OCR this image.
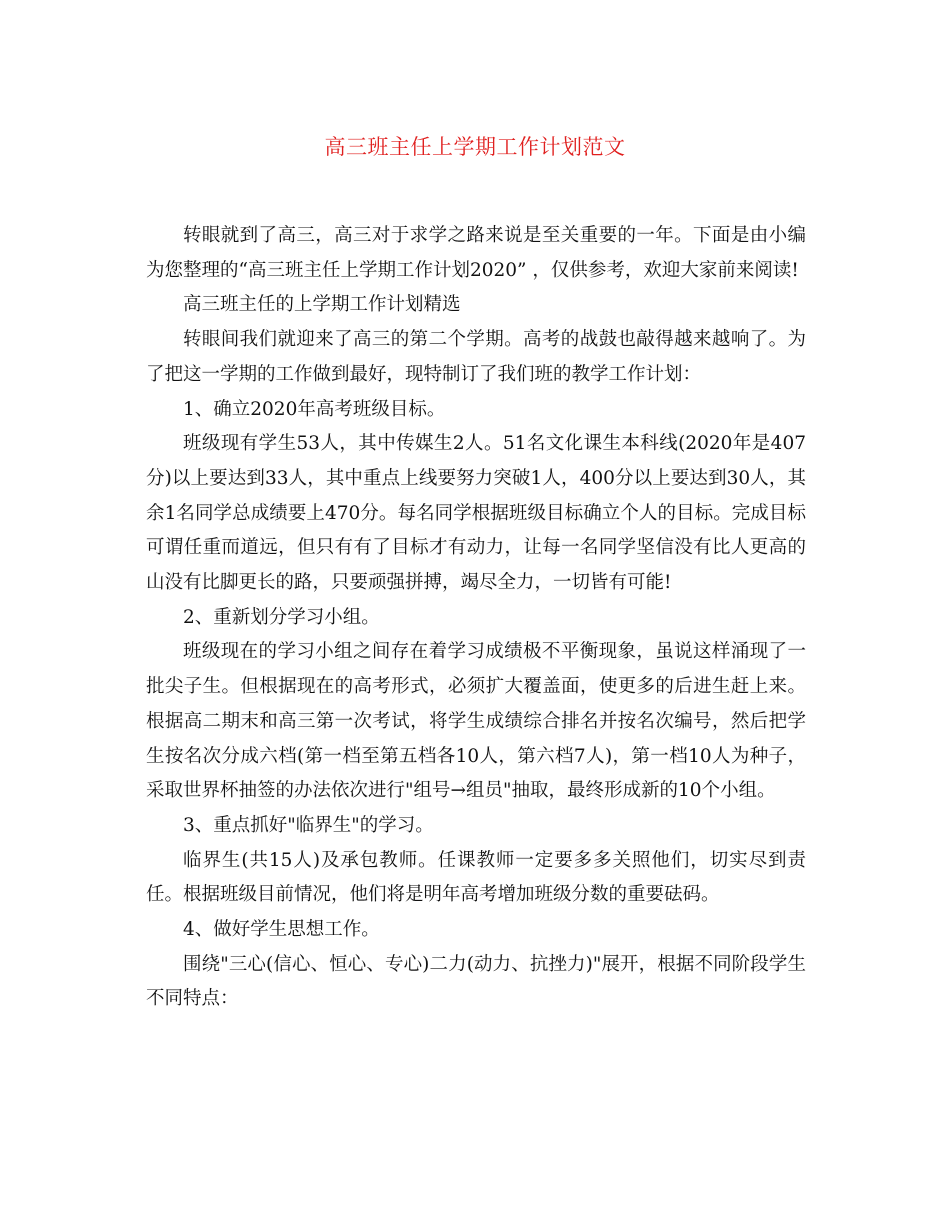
高三班主任上学期工作计划范文

转眼就到了高三，高三对于求学之路来说是至关重要的一年。下面是由小编为您整理的“高三班主任上学期工作计划2020” ，仅供参考，欢迎大家前来阅读!

高三班主任的上学期工作计划精选

转眼间我们就迎来了高三的第二个学期。高考的战鼓也敲得越来越响了。为了把这一学期的工作做到最好，现特制订了我们班的教学工作计划：

1、确立2020年高考班级目标。

班级现有学生53人，其中传媒生2人。51名文化课生本科线(2020年是407分)以上要达到33人，其中重点上线要努力突破1人，400分以上要达到30人，其余1名同学总成绩要上470分。每名同学根据班级目标确立个人的目标。完成目标可谓任重而道远，但只有有了目标才有动力，让每一名同学坚信没有比人更高的山没有比脚更长的路，只要顽强拼搏，竭尽全力，一切皆有可能!

2、重新划分学习小组。

班级现在的学习小组之间存在着学习成绩极不平衡现象，虽说这样涌现了一批尖子生。但根据现在的高考形式，必须扩大覆盖面，使更多的后进生赶上来。根据高二期末和高三第一次考试，将学生成绩综合排名并按名次编号，然后把学生按名次分成六档(第一档至第五档各10人，第六档7人)，第一档10人为种子，采取世界杯抽签的办法依次进行"组号→组员"抽取，最终形成新的10个小组。

3、重点抓好"临界生"的学习。

临界生(共15人)及承包教师。任课教师一定要多多关照他们，切实尽到责任。根据班级目前情况，他们将是明年高考增加班级分数的重要砝码。

4、做好学生思想工作。

围绕"三心(信心、恒心、专心)二力(动力、抗挫力)"展开，根据不同阶段学生不同特点：
